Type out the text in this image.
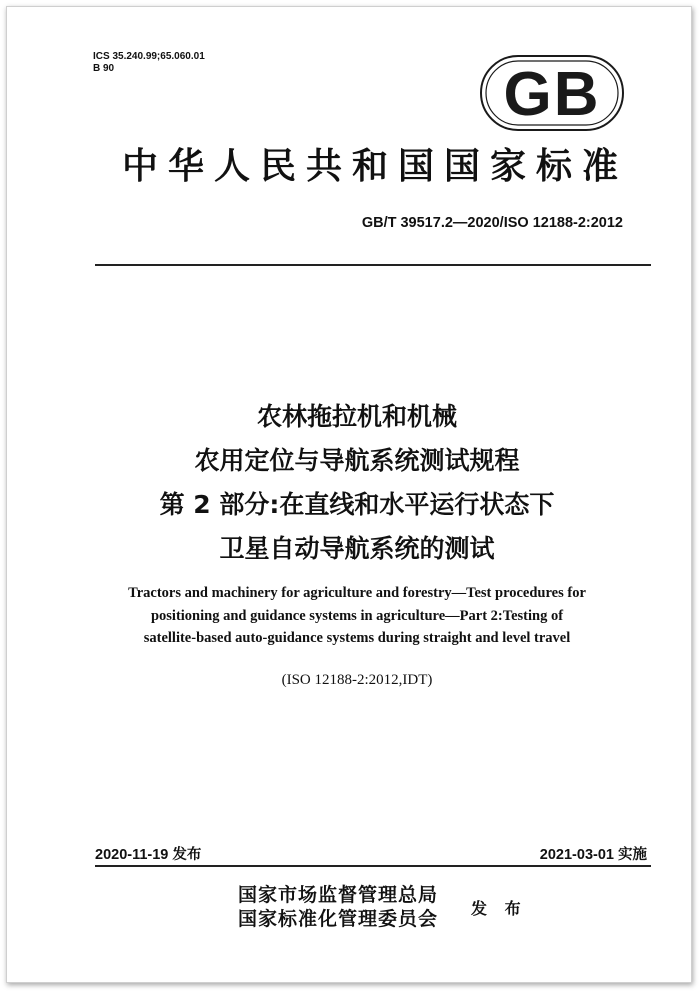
ICS 35.240.99;65.060.01
B 90	GB
中华人民共和国国家标准
GB/T 39517.2—2020/ISO 12188-2:2012
农林拖拉机和机械
农用定位与导航系统测试规程
第 2 部分:在直线和水平运行状态下
卫星自动导航系统的测试
Tractors and machinery for agriculture and forestry—Test procedures for
positioning and guidance systems in agriculture—Part 2:Testing of
satellite-based auto-guidance systems during straight and level travel
(ISO 12188-2:2012,IDT)
2020-11-19 发布	2021-03-01 实施
国家市场监督管理总局
国家标准化管理委员会 发 布
